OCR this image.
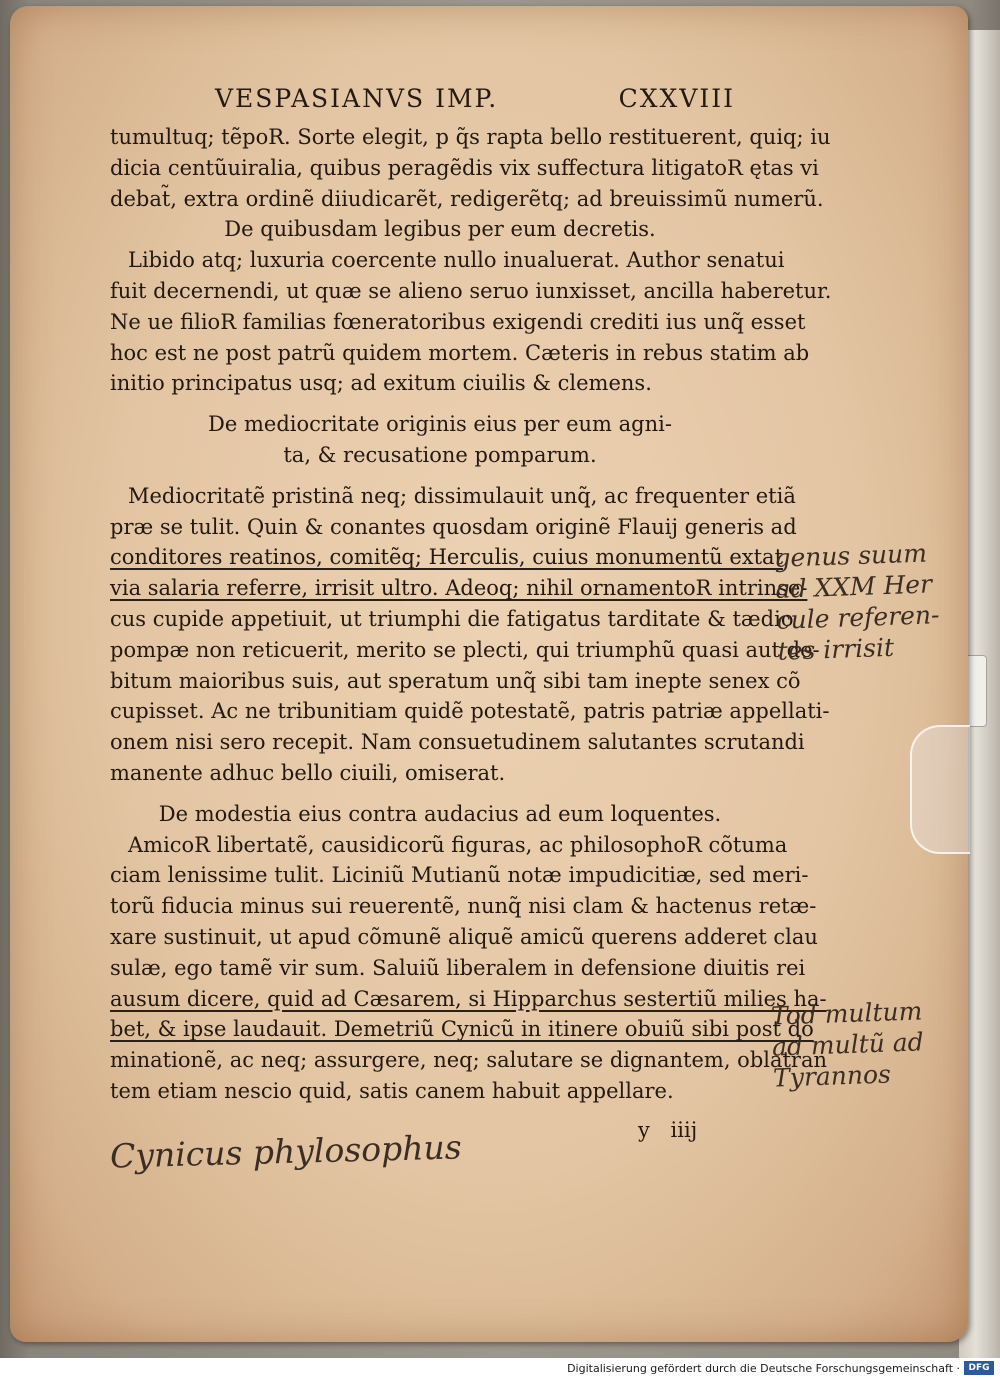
VESPASIANVS IMP.	CXXVIII
tumultuq; tẽpoR. Sorte elegit, p q̃s rapta bello restituerent, quiq; iu
dicia centũuiralia, quibus peragẽdis vix suffectura litigatoR ętas vi
debat̃, extra ordinẽ diiudicarẽt, redigerẽtq; ad breuissimũ numerũ.
De quibusdam legibus per eum decretis.
Libido atq; luxuria coercente nullo inualuerat. Author senatui
fuit decernendi, ut quæ se alieno seruo iunxisset, ancilla haberetur.
Ne ue filioR familias fœneratoribus exigendi crediti ius unq̃ esset
hoc est ne post patrũ quidem mortem. Cæteris in rebus statim ab
initio principatus usq; ad exitum ciuilis & clemens.
De mediocritate originis eius per eum agni-
ta, & recusatione pomparum.
Mediocritatẽ pristinã neq; dissimulauit unq̃, ac frequenter etiã
præ se tulit. Quin & conantes quosdam originẽ Flauij generis ad
conditores reatinos, comitẽq; Herculis, cuius monumentũ extat
via salaria referre, irrisit ultro. Adeoq; nihil ornamentoR intrinse-
cus cupide appetiuit, ut triumphi die fatigatus tarditate & tædio
pompæ non reticuerit, merito se plecti, qui triumphũ quasi aut de-
bitum maioribus suis, aut speratum unq̃ sibi tam inepte senex cõ
cupisset. Ac ne tribunitiam quidẽ potestatẽ, patris patriæ appellati-
onem nisi sero recepit. Nam consuetudinem salutantes scrutandi
manente adhuc bello ciuili, omiserat.
De modestia eius contra audacius ad eum loquentes.
AmicoR libertatẽ, causidicorũ figuras, ac philosophoR cõtuma
ciam lenissime tulit. Liciniũ Mutianũ notæ impudicitiæ, sed meri-
torũ fiducia minus sui reuerentẽ, nunq̃ nisi clam & hactenus retæ-
xare sustinuit, ut apud cõmunẽ aliquẽ amicũ querens adderet clau
sulæ, ego tamẽ vir sum. Saluiũ liberalem in defensione diuitis rei
ausum dicere, quid ad Cæsarem, si Hipparchus sestertiũ milies ha-
bet, & ipse laudauit. Demetriũ Cynicũ in itinere obuiũ sibi post do
minationẽ, ac neq; assurgere, neq; salutare se dignantem, oblatran
tem etiam nescio quid, satis canem habuit appellare.
genus suum
ad XXM Her
cule referen-
tes irrisit
Tod multum
ad multũ ad
Tyrannos
y iiij
Cynicus phylosophus
Digitalisierung gefördert durch die Deutsche Forschungsgemeinschaft · DFG
